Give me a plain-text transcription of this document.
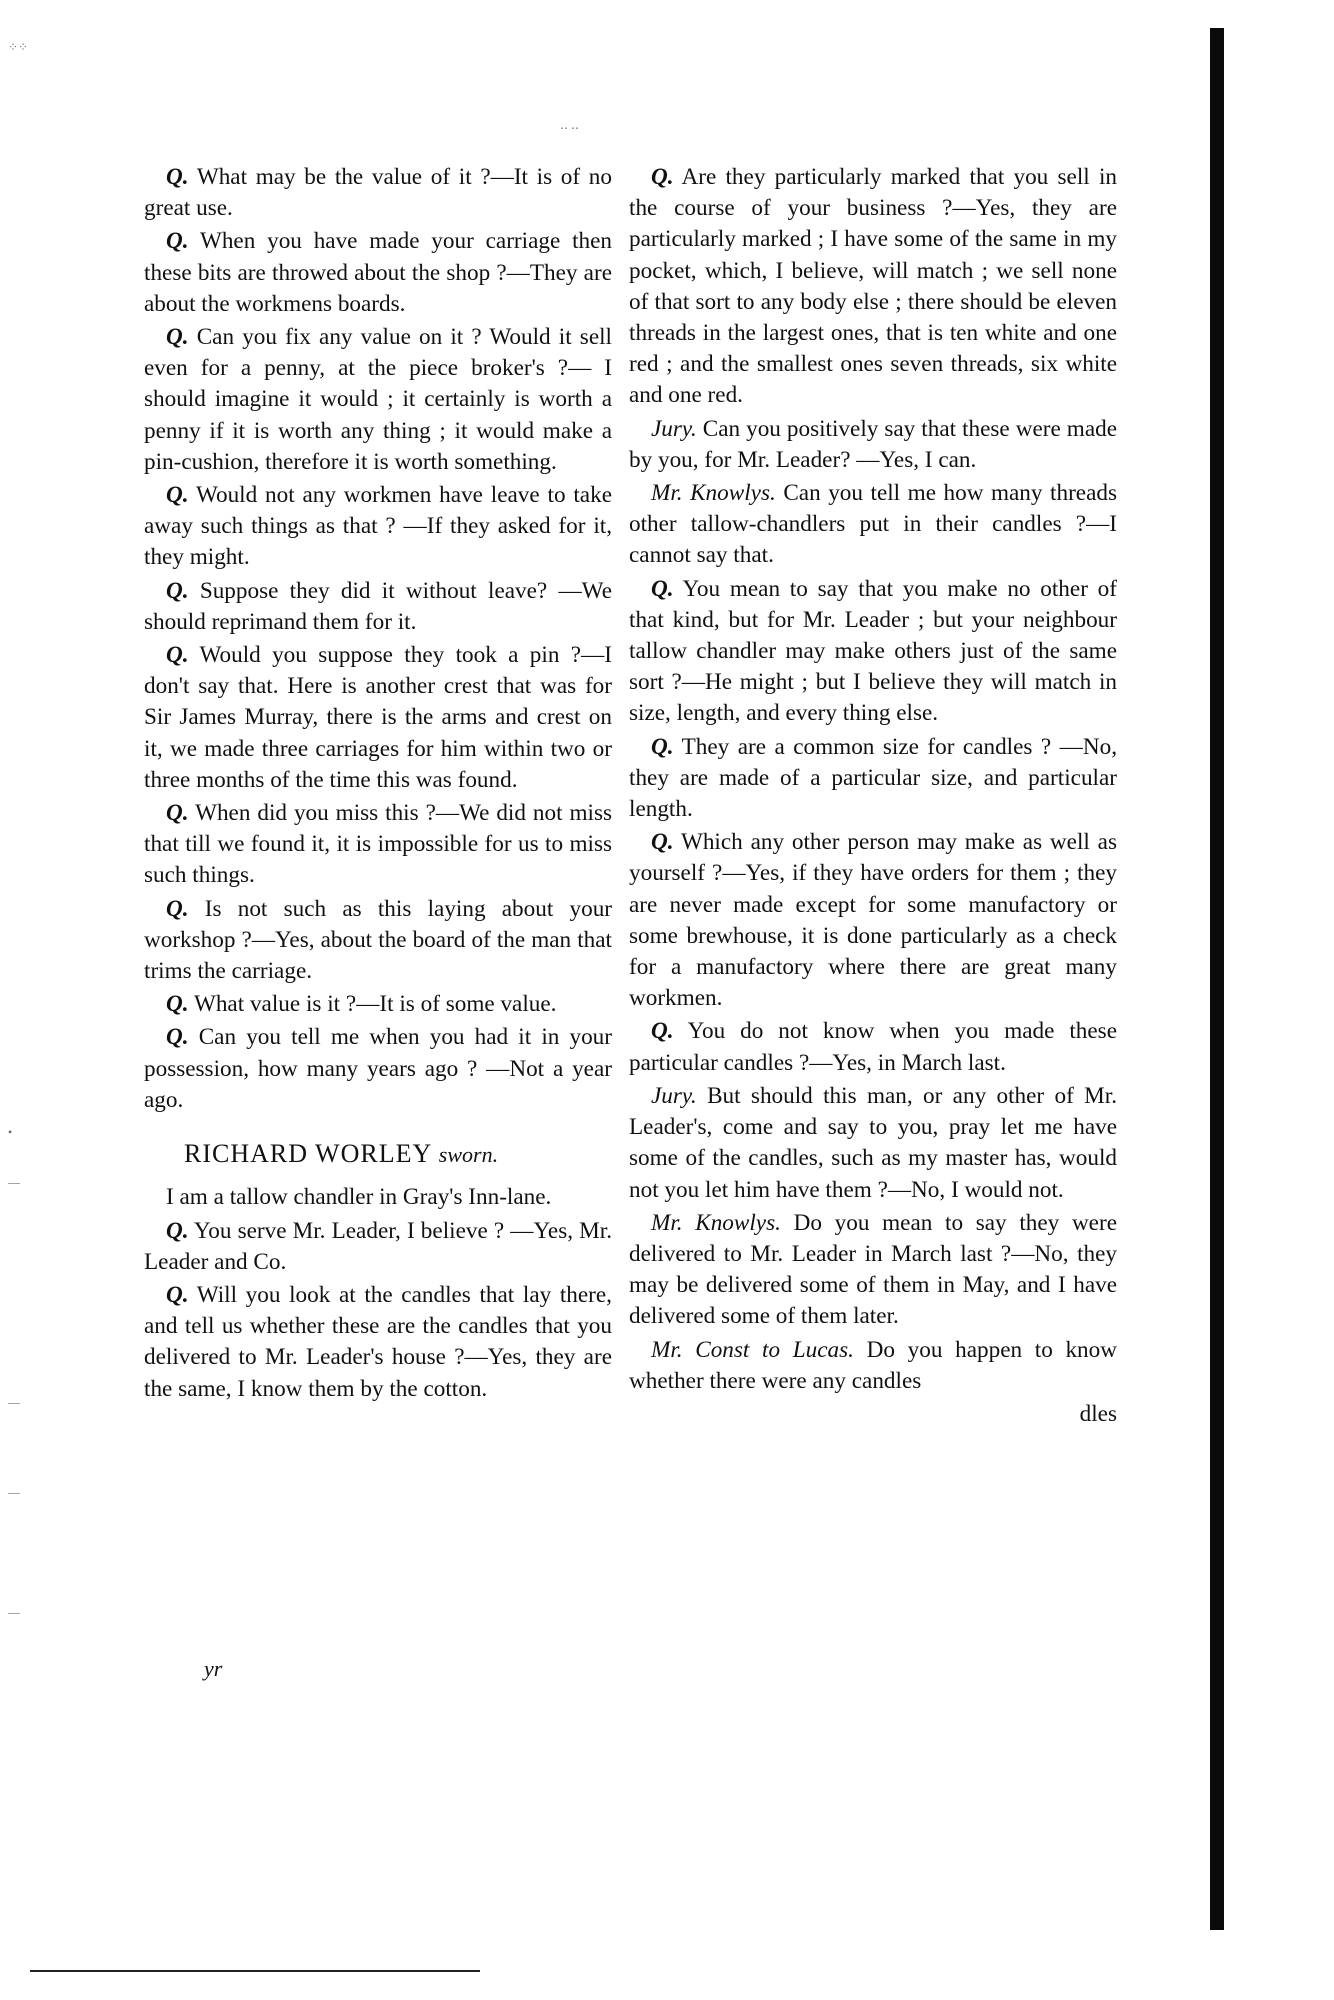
Q. What may be the value of it ?—It is of no great use.

Q. When you have made your carriage then these bits are throwed about the shop ?—They are about the workmens boards.

Q. Can you fix any value on it ? Would it sell even for a penny, at the piece broker's ?— I should imagine it would ; it certainly is worth a penny if it is worth any thing ; it would make a pin-cushion, therefore it is worth something.

Q. Would not any workmen have leave to take away such things as that ? —If they asked for it, they might.

Q. Suppose they did it without leave? —We should reprimand them for it.

Q. Would you suppose they took a pin ?—I don't say that. Here is another crest that was for Sir James Murray, there is the arms and crest on it, we made three carriages for him within two or three months of the time this was found.

Q. When did you miss this ?—We did not miss that till we found it, it is impossible for us to miss such things.

Q. Is not such as this laying about your workshop ?—Yes, about the board of the man that trims the carriage.

Q. What value is it ?—It is of some value.

Q. Can you tell me when you had it in your possession, how many years ago ? —Not a year ago.

RICHARD WORLEY sworn.

I am a tallow chandler in Gray's Inn-lane.

Q. You serve Mr. Leader, I believe ? —Yes, Mr. Leader and Co.

Q. Will you look at the candles that lay there, and tell us whether these are the candles that you delivered to Mr. Leader's house ?—Yes, they are the same, I know them by the cotton.

Q. Are they particularly marked that you sell in the course of your business ?—Yes, they are particularly marked ; I have some of the same in my pocket, which, I believe, will match ; we sell none of that sort to any body else ; there should be eleven threads in the largest ones, that is ten white and one red ; and the smallest ones seven threads, six white and one red.

Jury. Can you positively say that these were made by you, for Mr. Leader? —Yes, I can.

Mr. Knowlys. Can you tell me how many threads other tallow-chandlers put in their candles ?—I cannot say that.

Q. You mean to say that you make no other of that kind, but for Mr. Leader ; but your neighbour tallow chandler may make others just of the same sort ?—He might ; but I believe they will match in size, length, and every thing else.

Q. They are a common size for candles ? —No, they are made of a particular size, and particular length.

Q. Which any other person may make as well as yourself ?—Yes, if they have orders for them ; they are never made except for some manufactory or some brewhouse, it is done particularly as a check for a manufactory where there are great many workmen.

Q. You do not know when you made these particular candles ?—Yes, in March last.

Jury. But should this man, or any other of Mr. Leader's, come and say to you, pray let me have some of the candles, such as my master has, would not you let him have them ?—No, I would not.

Mr. Knowlys. Do you mean to say they were delivered to Mr. Leader in March last ?—No, they may be delivered some of them in May, and I have delivered some of them later.

Mr. Const to Lucas. Do you happen to know whether there were any candles

dles
yr
⁘⁘
‥ ‥
•
—
—
—
—
